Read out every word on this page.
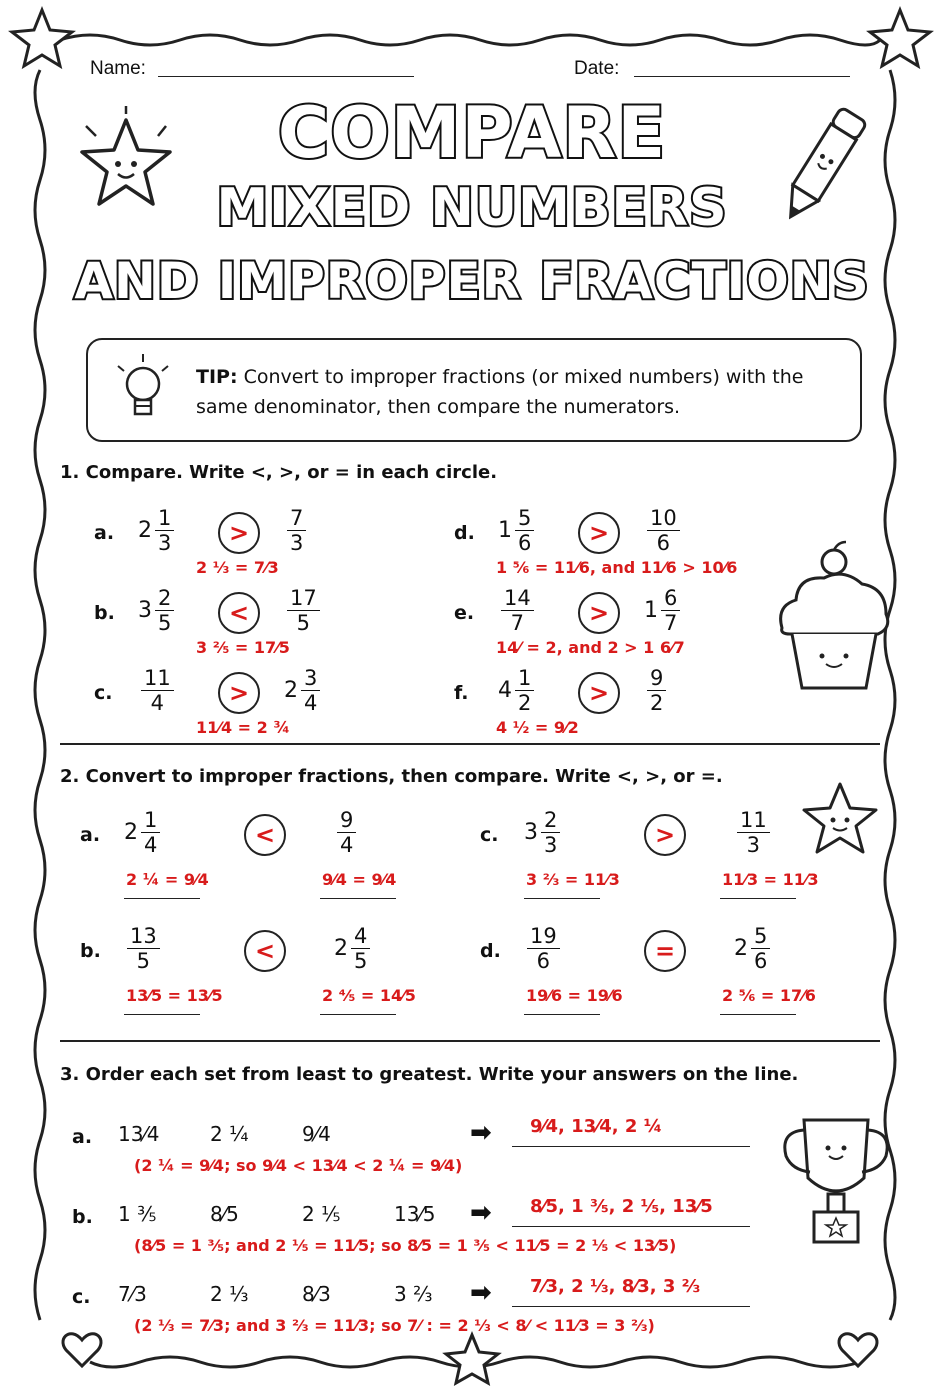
Name:	Date:
COMPARE
MIXED NUMBERS
AND IMPROPER FRACTIONS
TIP: Convert to improper fractions (or mixed numbers) with the same denominator, then compare the numerators.
1. Compare. Write <, >, or = in each circle.
a. $2 \frac{1}{3}$	>	$\frac{7}{3}$
2 ⅓ = 7⁄3
b. $3 \frac{2}{5}$	<	$\frac{17}{5}$
3 ⅖ = 17⁄5
c. $\frac{11}{4}$	>	$2 \frac{3}{4}$
11⁄4 = 2 ¾
d. $1 \frac{5}{6}$	>	$\frac{10}{6}$
1 ⅚ = 11⁄6, and 11⁄6 > 10⁄6
e. $\frac{14}{7}$	>	$1 \frac{6}{7}$
14⁄ = 2, and 2 > 1 6⁄7
f. $4 \frac{1}{2}$	>	$\frac{9}{2}$
4 ½ = 9⁄2
2. Convert to improper fractions, then compare. Write <, >, or =.
a. $2 \frac{1}{4}$	<	$\frac{9}{4}$
2 ¼ = 9⁄4	9⁄4 = 9⁄4
b. $\frac{13}{5}$	<	$2 \frac{4}{5}$
13⁄5 = 13⁄5	2 ⅘ = 14⁄5
c. $3 \frac{2}{3}$	>	$\frac{11}{3}$
3 ⅔ = 11⁄3	11⁄3 = 11⁄3
d. $\frac{19}{6}$	=	$2 \frac{5}{6}$
19⁄6 = 19⁄6	2 ⅚ = 17⁄6
3. Order each set from least to greatest. Write your answers on the line.
a. 13⁄4	2 ¼	9⁄4	➡ 9⁄4, 13⁄4, 2 ¼
(2 ¼ = 9⁄4; so 9⁄4 < 13⁄4 < 2 ¼ = 9⁄4)
b. 1 ⅗	8⁄5	2 ⅕	13⁄5 ➡ 8⁄5, 1 ⅗, 2 ⅕, 13⁄5
(8⁄5 = 1 ⅗; and 2 ⅕ = 11⁄5; so 8⁄5 = 1 ⅗ < 11⁄5 = 2 ⅕ < 13⁄5)
c. 7⁄3	2 ⅓	8⁄3	3 ⅔ ➡ 7⁄3, 2 ⅓, 8⁄3, 3 ⅔
(2 ⅓ = 7⁄3; and 3 ⅔ = 11⁄3; so 7⁄ : = 2 ⅓ < 8⁄ < 11⁄3 = 3 ⅔)
